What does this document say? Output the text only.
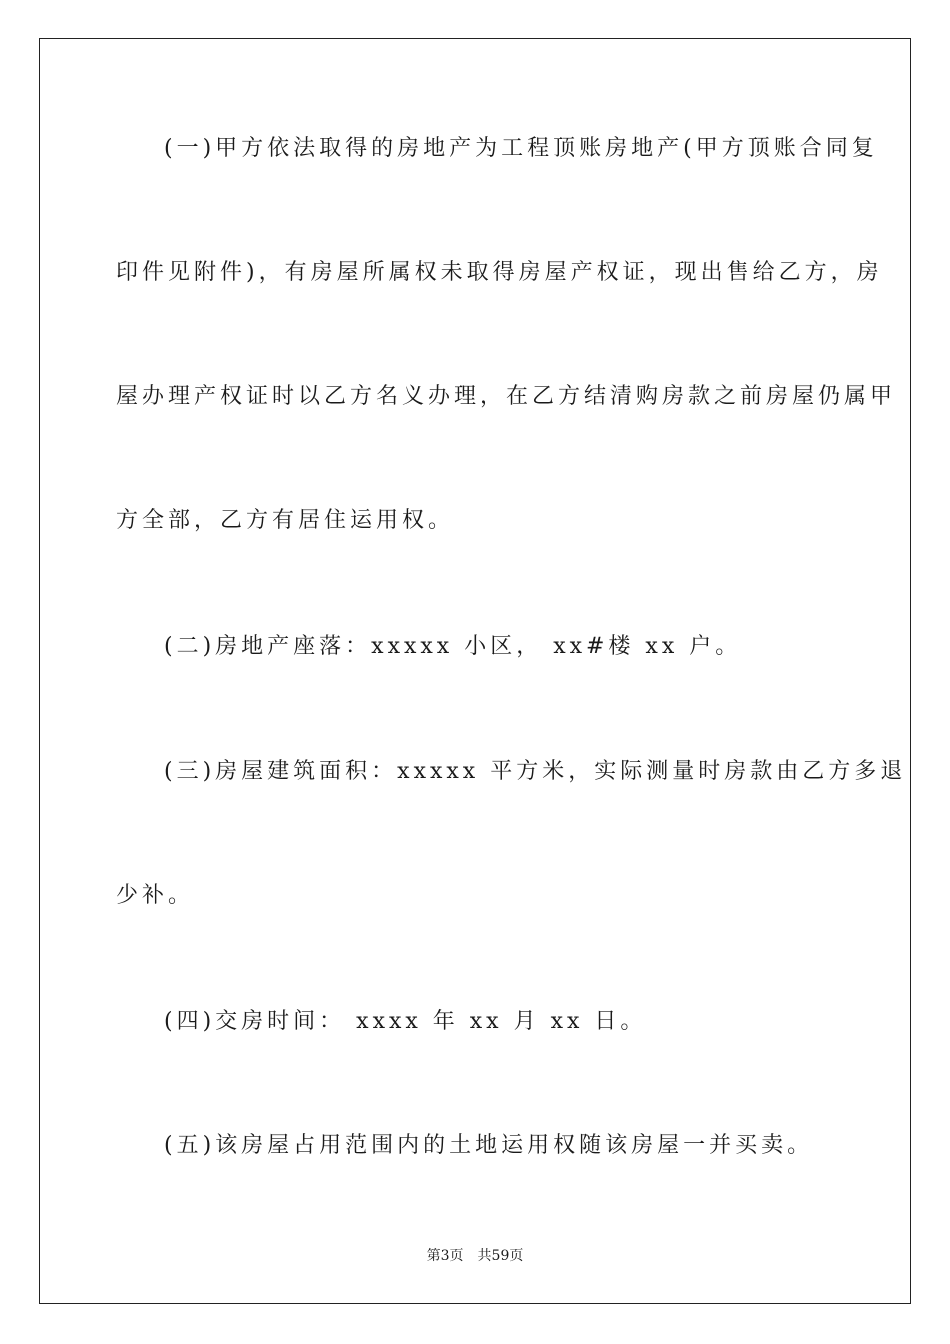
(一)甲方依法取得的房地产为工程顶账房地产(甲方顶账合同复
印件见附件)，有房屋所属权未取得房屋产权证，现出售给乙方，房
屋办理产权证时以乙方名义办理，在乙方结清购房款之前房屋仍属甲
方全部，乙方有居住运用权。
(二)房地产座落：xxxxx 小区， xx#楼 xx 户。
(三)房屋建筑面积：xxxxx 平方米，实际测量时房款由乙方多退
少补。
(四)交房时间： xxxx 年 xx 月 xx 日。
(五)该房屋占用范围内的土地运用权随该房屋一并买卖。
第3页 共59页
